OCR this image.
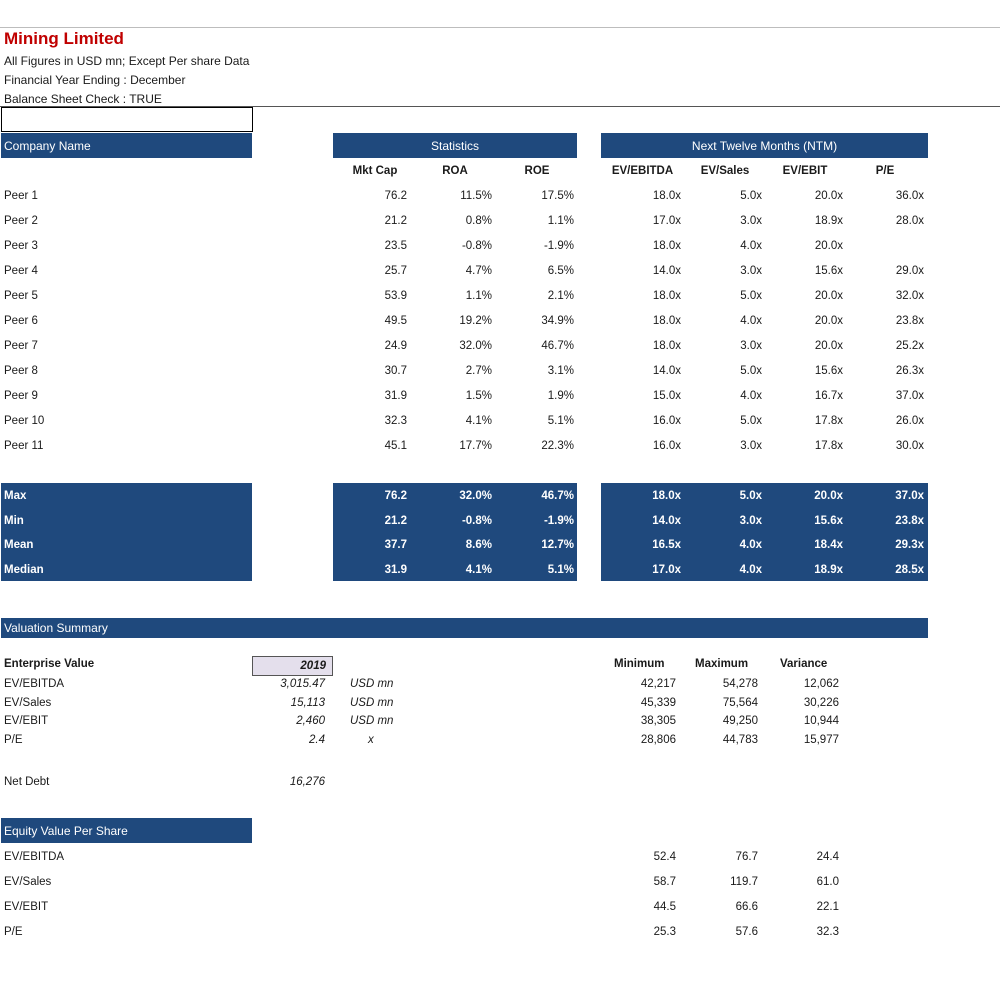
Mining Limited
All Figures in USD mn; Except Per share Data
Financial Year Ending : December
Balance Sheet Check : TRUE
Company Name	Statistics	Next Twelve Months (NTM)
Mkt Cap	ROA	ROE	EV/EBITDA	EV/Sales	EV/EBIT	P/E
Peer 1	76.2	11.5%	17.5%	18.0x	5.0x	20.0x	36.0x
Peer 2	21.2	0.8%	1.1%	17.0x	3.0x	18.9x	28.0x
Peer 3	23.5	-0.8%	-1.9%	18.0x	4.0x	20.0x
Peer 4	25.7	4.7%	6.5%	14.0x	3.0x	15.6x	29.0x
Peer 5	53.9	1.1%	2.1%	18.0x	5.0x	20.0x	32.0x
Peer 6	49.5	19.2%	34.9%	18.0x	4.0x	20.0x	23.8x
Peer 7	24.9	32.0%	46.7%	18.0x	3.0x	20.0x	25.2x
Peer 8	30.7	2.7%	3.1%	14.0x	5.0x	15.6x	26.3x
Peer 9	31.9	1.5%	1.9%	15.0x	4.0x	16.7x	37.0x
Peer 10	32.3	4.1%	5.1%	16.0x	5.0x	17.8x	26.0x
Peer 11	45.1	17.7%	22.3%	16.0x	3.0x	17.8x	30.0x
Max	76.2	32.0%	46.7%	18.0x	5.0x	20.0x	37.0x
Min	21.2	-0.8%	-1.9%	14.0x	3.0x	15.6x	23.8x
Mean	37.7	8.6%	12.7%	16.5x	4.0x	18.4x	29.3x
Median	31.9	4.1%	5.1%	17.0x	4.0x	18.9x	28.5x
Valuation Summary
Enterprise Value	2019	Minimum	Maximum	Variance
EV/EBITDA	3,015.47 USD mn	42,217	54,278	12,062
EV/Sales	15,113 USD mn	45,339	75,564	30,226
EV/EBIT	2,460 USD mn	38,305	49,250	10,944
P/E	2.4	x	28,806	44,783	15,977
Net Debt	16,276
Equity Value Per Share
EV/EBITDA	52.4	76.7	24.4
EV/Sales	58.7	119.7	61.0
EV/EBIT	44.5	66.6	22.1
P/E	25.3	57.6	32.3
